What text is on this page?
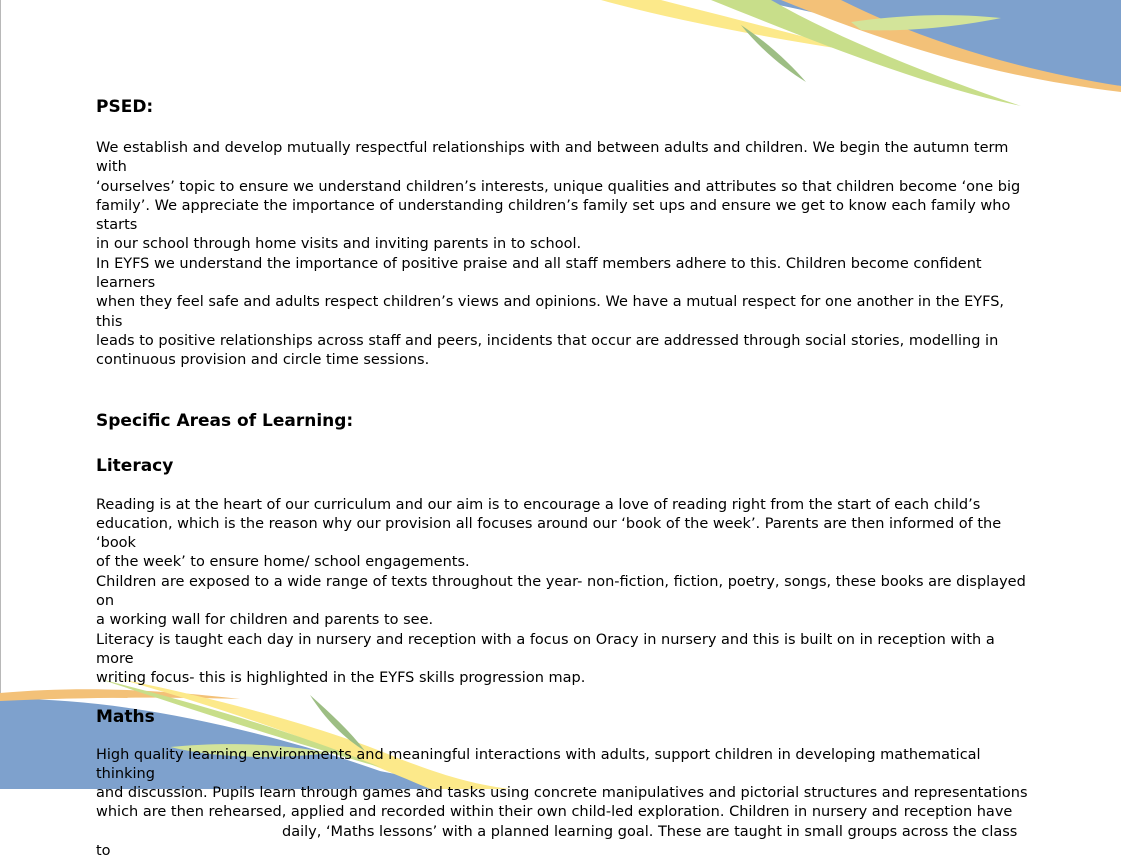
PSED:

We establish and develop mutually respectful relationships with and between adults and children. We begin the autumn term with
‘ourselves’ topic to ensure we understand children’s interests, unique qualities and attributes so that children become ‘one big
family’. We appreciate the importance of understanding children’s family set ups and ensure we get to know each family who starts
in our school through home visits and inviting parents in to school.
In EYFS we understand the importance of positive praise and all staff members adhere to this. Children become confident learners
when they feel safe and adults respect children’s views and opinions. We have a mutual respect for one another in the EYFS, this
leads to positive relationships across staff and peers, incidents that occur are addressed through social stories, modelling in
continuous provision and circle time sessions.

Specific Areas of Learning:
Literacy

Reading is at the heart of our curriculum and our aim is to encourage a love of reading right from the start of each child’s
education, which is the reason why our provision all focuses around our ‘book of the week’. Parents are then informed of the ‘book
of the week’ to ensure home/ school engagements.
Children are exposed to a wide range of texts throughout the year- non-fiction, fiction, poetry, songs, these books are displayed on
a working wall for children and parents to see.
Literacy is taught each day in nursery and reception with a focus on Oracy in nursery and this is built on in reception with a more
writing focus- this is highlighted in the EYFS skills progression map.

Maths

High quality learning environments and meaningful interactions with adults, support children in developing mathematical thinking
and discussion. Pupils learn through games and tasks using concrete manipulatives and pictorial structures and representations
which are then rehearsed, applied and recorded within their own child-led exploration. Children in nursery and reception have
daily, ‘Maths lessons’ with a planned learning goal. These are taught in small groups across the class to
